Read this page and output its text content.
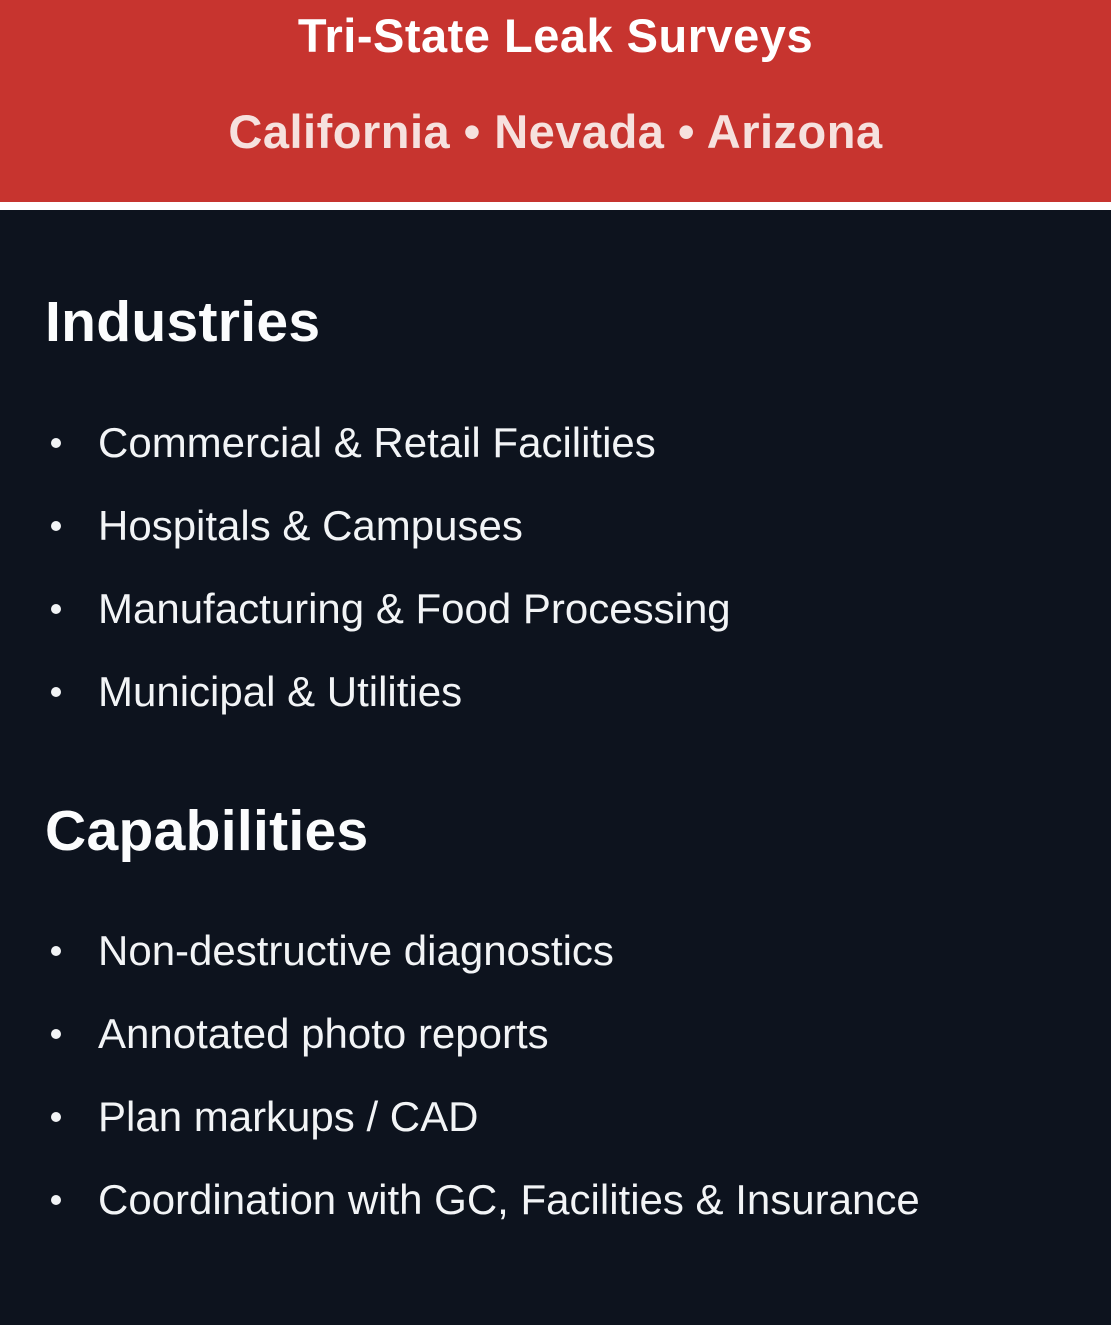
Tri-State Leak Surveys
California • Nevada • Arizona
Industries
Commercial & Retail Facilities
Hospitals & Campuses
Manufacturing & Food Processing
Municipal & Utilities
Capabilities
Non-destructive diagnostics
Annotated photo reports
Plan markups / CAD
Coordination with GC, Facilities & Insurance
